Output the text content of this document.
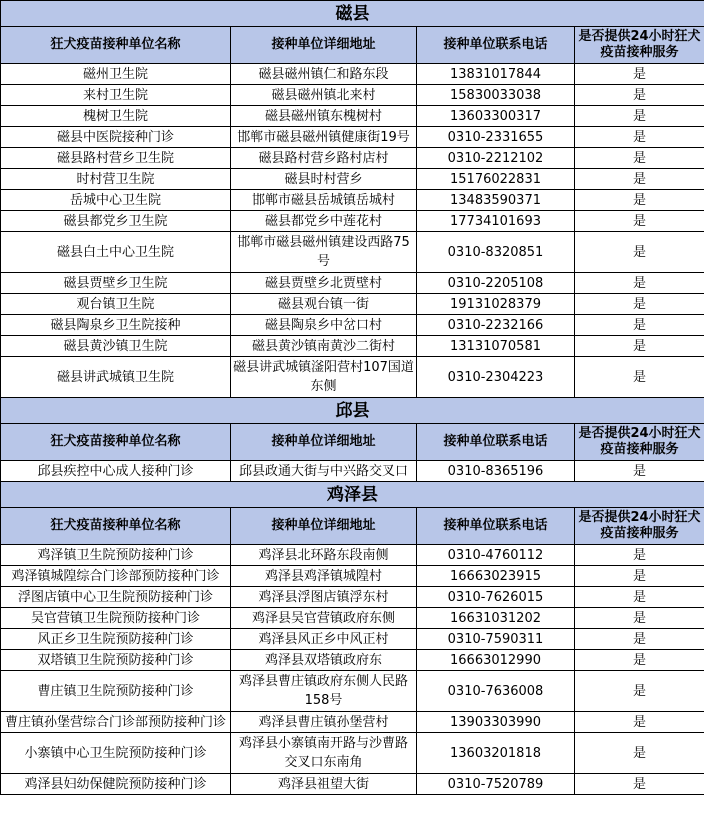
磁县			
狂犬疫苗接种单位名称	接种单位详细地址	接种单位联系电话	是否提供24小时狂犬疫苗接种服务
磁州卫生院	磁县磁州镇仁和路东段	13831017844	是
来村卫生院	磁县磁州镇北来村	15830033038	是
槐树卫生院	磁县磁州镇东槐树村	13603300317	是
磁县中医院接种门诊	邯郸市磁县磁州镇健康街19号	0310-2331655	是
磁县路村营乡卫生院	磁县路村营乡路村店村	0310-2212102	是
时村营卫生院	磁县时村营乡	15176022831	是
岳城中心卫生院	邯郸市磁县岳城镇岳城村	13483590371	是
磁县都党乡卫生院	磁县都党乡中莲花村	17734101693	是
磁县白土中心卫生院	邯郸市磁县磁州镇建设西路75号	0310-8320851	是
磁县贾壁乡卫生院	磁县贾壁乡北贾壁村	0310-2205108	是
观台镇卫生院	磁县观台镇一街	19131028379	是
磁县陶泉乡卫生院接种	磁县陶泉乡中岔口村	0310-2232166	是
磁县黄沙镇卫生院	磁县黄沙镇南黄沙二街村	13131070581	是
磁县讲武城镇卫生院	磁县讲武城镇滏阳营村107国道东侧	0310-2304223	是
邱县			
狂犬疫苗接种单位名称	接种单位详细地址	接种单位联系电话	是否提供24小时狂犬疫苗接种服务
邱县疾控中心成人接种门诊	邱县政通大街与中兴路交叉口	0310-8365196	是
鸡泽县			
狂犬疫苗接种单位名称	接种单位详细地址	接种单位联系电话	是否提供24小时狂犬疫苗接种服务
鸡泽镇卫生院预防接种门诊	鸡泽县北环路东段南侧	0310-4760112	是
鸡泽镇城隍综合门诊部预防接种门诊	鸡泽县鸡泽镇城隍村	16663023915	是
浮图店镇中心卫生院预防接种门诊	鸡泽县浮图店镇浮东村	0310-7626015	是
吴官营镇卫生院预防接种门诊	鸡泽县吴官营镇政府东侧	16631031202	是
风正乡卫生院预防接种门诊	鸡泽县风正乡中风正村	0310-7590311	是
双塔镇卫生院预防接种门诊	鸡泽县双塔镇政府东	16663012990	是
曹庄镇卫生院预防接种门诊	鸡泽县曹庄镇政府东侧人民路158号	0310-7636008	是
曹庄镇孙堡营综合门诊部预防接种门诊	鸡泽县曹庄镇孙堡营村	13903303990	是
小寨镇中心卫生院预防接种门诊	鸡泽县小寨镇南开路与沙曹路交叉口东南角	13603201818	是
鸡泽县妇幼保健院预防接种门诊	鸡泽县祖望大街	0310-7520789	是
